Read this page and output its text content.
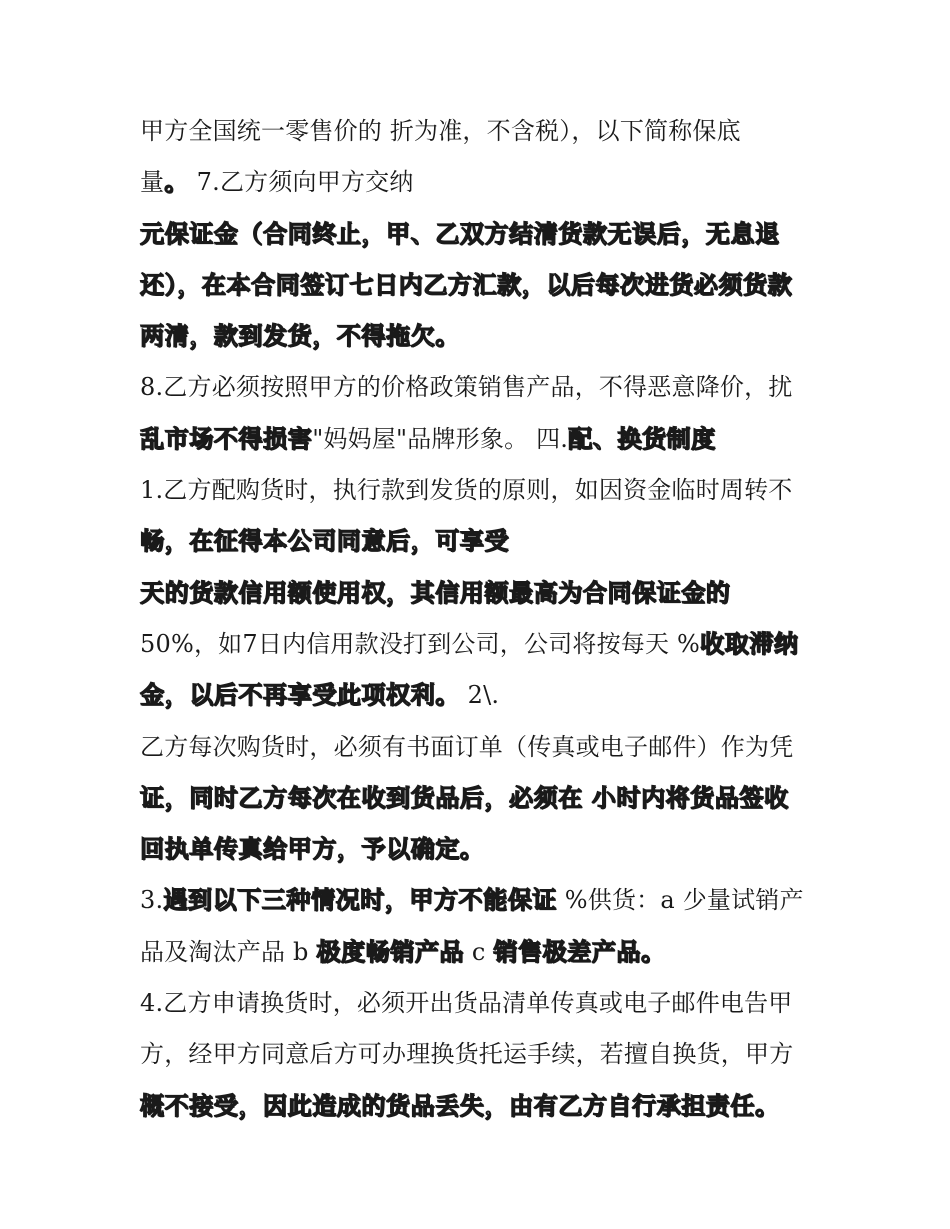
甲方全国统一零售价的 折为准，不含税），以下简称保底
量。 7.乙方须向甲方交纳
元保证金（合同终止，甲、乙双方结清货款无误后，无息退
还），在本合同签订七日内乙方汇款，以后每次进货必须货款
两清，款到发货，不得拖欠。
8.乙方必须按照甲方的价格政策销售产品，不得恶意降价，扰
乱市场不得损害"妈妈屋"品牌形象。 四.配、换货制度
1.乙方配购货时，执行款到发货的原则，如因资金临时周转不
畅，在征得本公司同意后，可享受
天的货款信用额使用权，其信用额最高为合同保证金的
50%，如7日内信用款没打到公司，公司将按每天 %收取滞纳
金，以后不再享受此项权利。 2\.
乙方每次购货时，必须有书面订单（传真或电子邮件）作为凭
证，同时乙方每次在收到货品后，必须在 小时内将货品签收
回执单传真给甲方，予以确定。
3.遇到以下三种情况时，甲方不能保证 %供货：a 少量试销产
品及淘汰产品 b 极度畅销产品 c 销售极差产品。
4.乙方申请换货时，必须开出货品清单传真或电子邮件电告甲
方，经甲方同意后方可办理换货托运手续，若擅自换货，甲方
概不接受，因此造成的货品丢失，由有乙方自行承担责任。
